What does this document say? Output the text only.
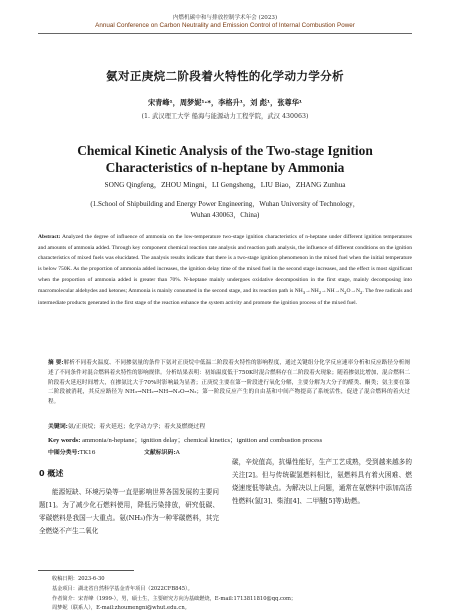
内燃机碳中和与排放控制学术年会 (2023)
Annual Conference on Carbon Neutrality and Emission Control of Internal Combustion Power
氨对正庚烷二阶段着火特性的化学动力学分析
宋青峰¹，周梦妮¹·*，李格升¹，刘 彪¹，张尊华¹
(1. 武汉理工大学 船海与能源动力工程学院，武汉 430063)
Chemical Kinetic Analysis of the Two-stage Ignition
Characteristics of n-heptane by Ammonia
SONG Qingfeng，ZHOU Mingni，LI Gengsheng，LIU Biao，ZHANG Zunhua
(1.School of Shipbuilding and Energy Power Engineering，Wuhan University of Technology，
Wuhan 430063，China)
Abstract: Analyzed the degree of influence of ammonia on the low-temperature two-stage ignition characteristics of n-heptane under different ignition temperatures and amounts of ammonia added. Through key component chemical reaction rate analysis and reaction path analysis, the influence of different conditions on the ignition characteristics of mixed fuels was elucidated. The analysis results indicate that there is a two-stage ignition phenomenon in the mixed fuel when the initial temperature is below 750K. As the proportion of ammonia added increases, the ignition delay time of the mixed fuel in the second stage increases, and the effect is most significant when the proportion of ammonia added is greater than 70%. N-heptane mainly undergoes oxidative decomposition in the first stage, mainly decomposing into macromolecular aldehydes and ketones; Ammonia is mainly consumed in the second stage, and its reaction path is $NH_3\to NH_2\to NH\to N_2O\to N_2$. The free radicals and intermediate products generated in the first stage of the reaction enhance the system activity and promote the ignition process of the mixed fuel.
摘 要:解析不同着火温度、不同掺氨量的条件下氨对正庚烷中低温二阶段着火特性的影响程度，通过关键组分化学反应速率分析和反应路径分析阐述了不同条件对混合燃料着火特性的影响规律。分析结果表明：初始温度低于750K时混合燃料存在二阶段着火现象；随着掺氨比增加，混合燃料二阶段着火延迟时间增大，在掺氨比大于70%时影响最为显著；正庚烷主要在第一阶段进行氧化分解，主要分解为大分子的醛类、酮类；氨主要在第二阶段被消耗，其反应路径为 NH₃→NH₂→NH→N₂O→N₂；第一阶段反应产生的自由基和中间产物提高了系统活性，促进了混合燃料的着火过程。
关键词:氨/正庚烷；着火延迟；化学动力学；着火及燃烧过程
Key words: ammonia/n-heptane；ignition delay；chemical kinetics；ignition and combustion process
中图分类号:TK16	文献标识码:A
0 概述
能源短缺、环境污染等一直是影响世界各国发展的主要问题[1]。为了减少化石燃料使用，降低污染排放，研究低碳、零碳燃料是我国一大重点。氨(NH₃)作为一种零碳燃料，其完全燃烧不产生二氧化
碳，辛烷值高，抗爆性能好，生产工艺成熟，受到越来越多的关注[2]。但与传统碳氢燃料相比，氨燃料具有着火困难、燃烧速度低等缺点。为解决以上问题，通常在氨燃料中添加高活性燃料(氢[3]、柴油[4]、二甲醚[5]等)助燃。
收稿日期：2023-6-30
基金项目：湖北省自然科学基金青年项目（2022CFB845）。
作者简介：宋青峰（1999-），男，硕士生，主要研究方向为基础燃烧，E-mail:1713811810@qq.com；
周梦妮（联系人），E-mail:zhoumengni@whut.edu.cn。
